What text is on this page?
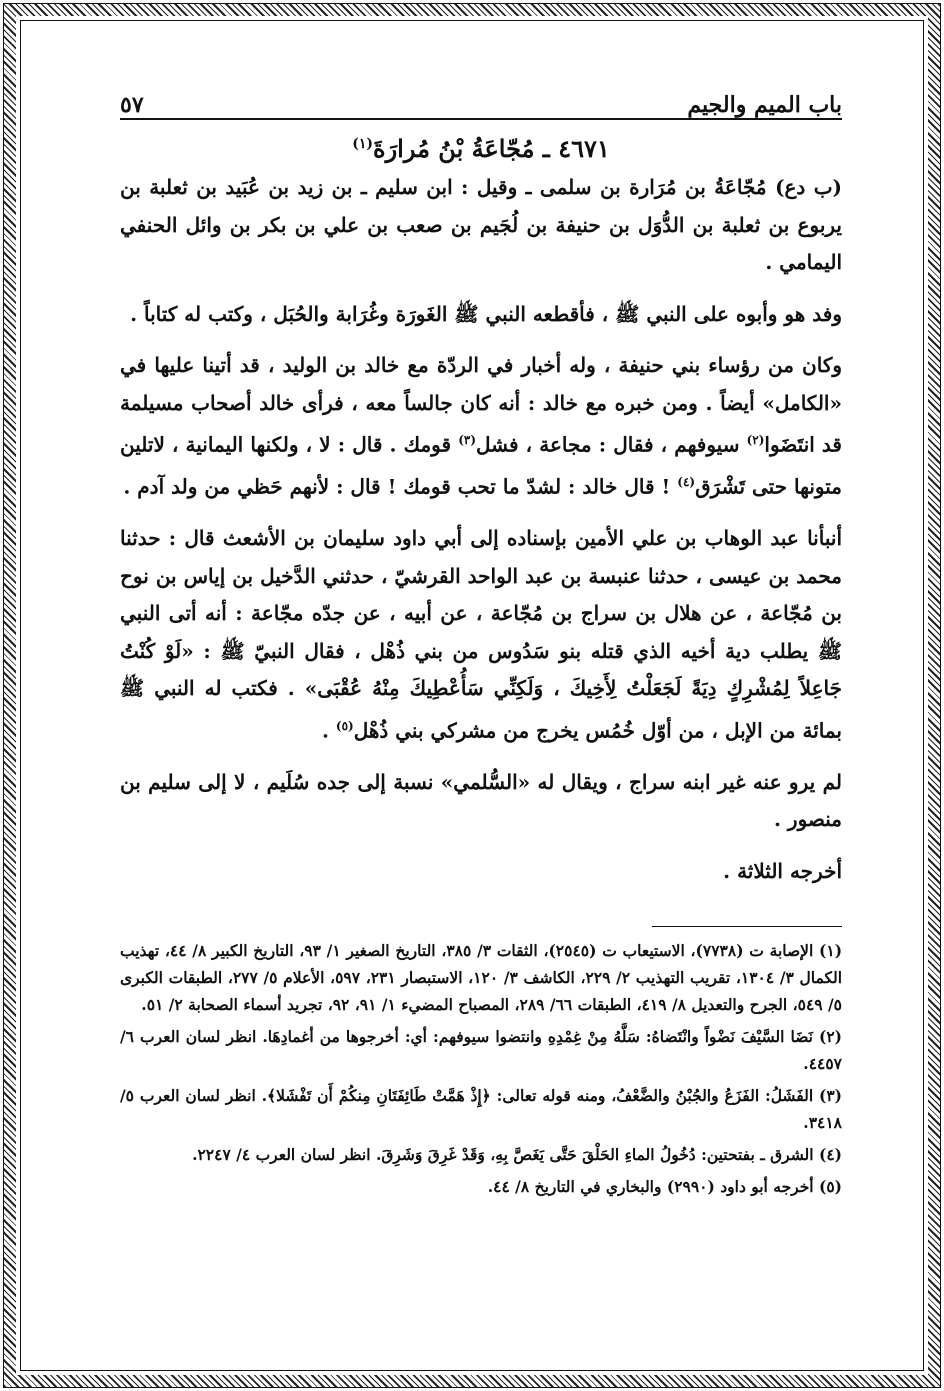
باب الميم والجيم
٥٧
٤٦٧١ ـ مُجّاعَةُ بْنُ مُرارَةَ$^{(١)}$

(ب دع) مُجّاعَةُ بن مُرَارة بن سلمى ـ وقيل : ابن سليم ـ بن زيد بن عُبَيد بن ثعلبة بن يربوع بن ثعلبة بن الدُّوَل بن حنيفة بن لُجَيم بن صعب بن علي بن بكر بن وائل الحنفي اليمامي .

وفد هو وأبوه على النبي ﷺ ، فأقطعه النبي ﷺ الغَورَة وغُرَابة والحُبَل ، وكتب له كتاباً .

وكان من رؤساء بني حنيفة ، وله أخبار في الردّة مع خالد بن الوليد ، قد أتينا عليها في «الكامل» أيضاً . ومن خبره مع خالد : أنه كان جالساً معه ، فرأى خالد أصحاب مسيلمة قد انتَضَوا$^{(٢)}$ سيوفهم ، فقال : مجاعة ، فشل$^{(٣)}$ قومك . قال : لا ، ولكنها اليمانية ، لاتلين متونها حتى تَشْرَق$^{(٤)}$ ! قال خالد : لشدّ ما تحب قومك ! قال : لأنهم حَظي من ولد آدم .

أنبأنا عبد الوهاب بن علي الأمين بإسناده إلى أبي داود سليمان بن الأشعث قال : حدثنا محمد بن عيسى ، حدثنا عنبسة بن عبد الواحد القرشيّ ، حدثني الدَّخيل بن إياس بن نوح بن مُجّاعة ، عن هلال بن سراج بن مُجّاعة ، عن أبيه ، عن جدّه مجّاعة : أنه أتى النبي ﷺ يطلب دية أخيه الذي قتله بنو سَدُوس من بني ذُهْل ، فقال النبيّ ﷺ : «لَوْ كُنْتُ جَاعِلاً لِمُشْرِكٍ دِيَةً لَجَعَلْتُ لِأَخِيكَ ، وَلَكِنِّي سَأُعْطِيكَ مِنْهُ عُقْبَى» . فكتب له النبي ﷺ بمائة من الإبل ، من أوّل خُمُس يخرج من مشركي بني ذُهْل$^{(٥)}$ .

لم يرو عنه غير ابنه سراج ، ويقال له «السُّلمي» نسبة إلى جده سُلَيم ، لا إلى سليم بن منصور .

أخرجه الثلاثة .

(١) الإصابة ت (٧٧٣٨)، الاستيعاب ت (٢٥٤٥)، الثقات ٣/ ٣٨٥، التاريخ الصغير ١/ ٩٣، التاريخ الكبير ٨/ ٤٤، تهذيب الكمال ٣/ ١٣٠٤، تقريب التهذيب ٢/ ٢٢٩، الكاشف ٣/ ١٢٠، الاستبصار ٢٣١، ٥٩٧، الأعلام ٥/ ٢٧٧، الطبقات الكبرى ٥/ ٥٤٩، الجرح والتعديل ٨/ ٤١٩، الطبقات ٦٦/ ٢٨٩، المصباح المضيء ١/ ٩١، ٩٢، تجريد أسماء الصحابة ٢/ ٥١.
(٢) نَضَا السَّيْفَ نَضْواً وانْتَضاهُ: سَلَّهُ مِنْ غِمْدِهِ وانتضوا سيوفهم: أي: أخرجوها من أغمادِهَا. انظر لسان العرب ٦/ ٤٤٥٧.
(٣) الفَشَلُ: الفَزَعُ والجُبْنُ والضَّعْفُ، ومنه قوله تعالى: ﴿إِذْ هَمَّتْ طَائِفَتَانِ مِنكُمْ أَن تَفْشَلا﴾. انظر لسان العرب ٥/ ٣٤١٨.
(٤) الشرق ـ بفتحتين: دُخُولُ الماءِ الحَلْقَ حَتَّى يَغَصَّ بِهِ، وَقَدْ غَرِقَ وَشَرِقَ. انظر لسان العرب ٤/ ٢٢٤٧.
(٥) أخرجه أبو داود (٢٩٩٠) والبخاري في التاريخ ٨/ ٤٤.
